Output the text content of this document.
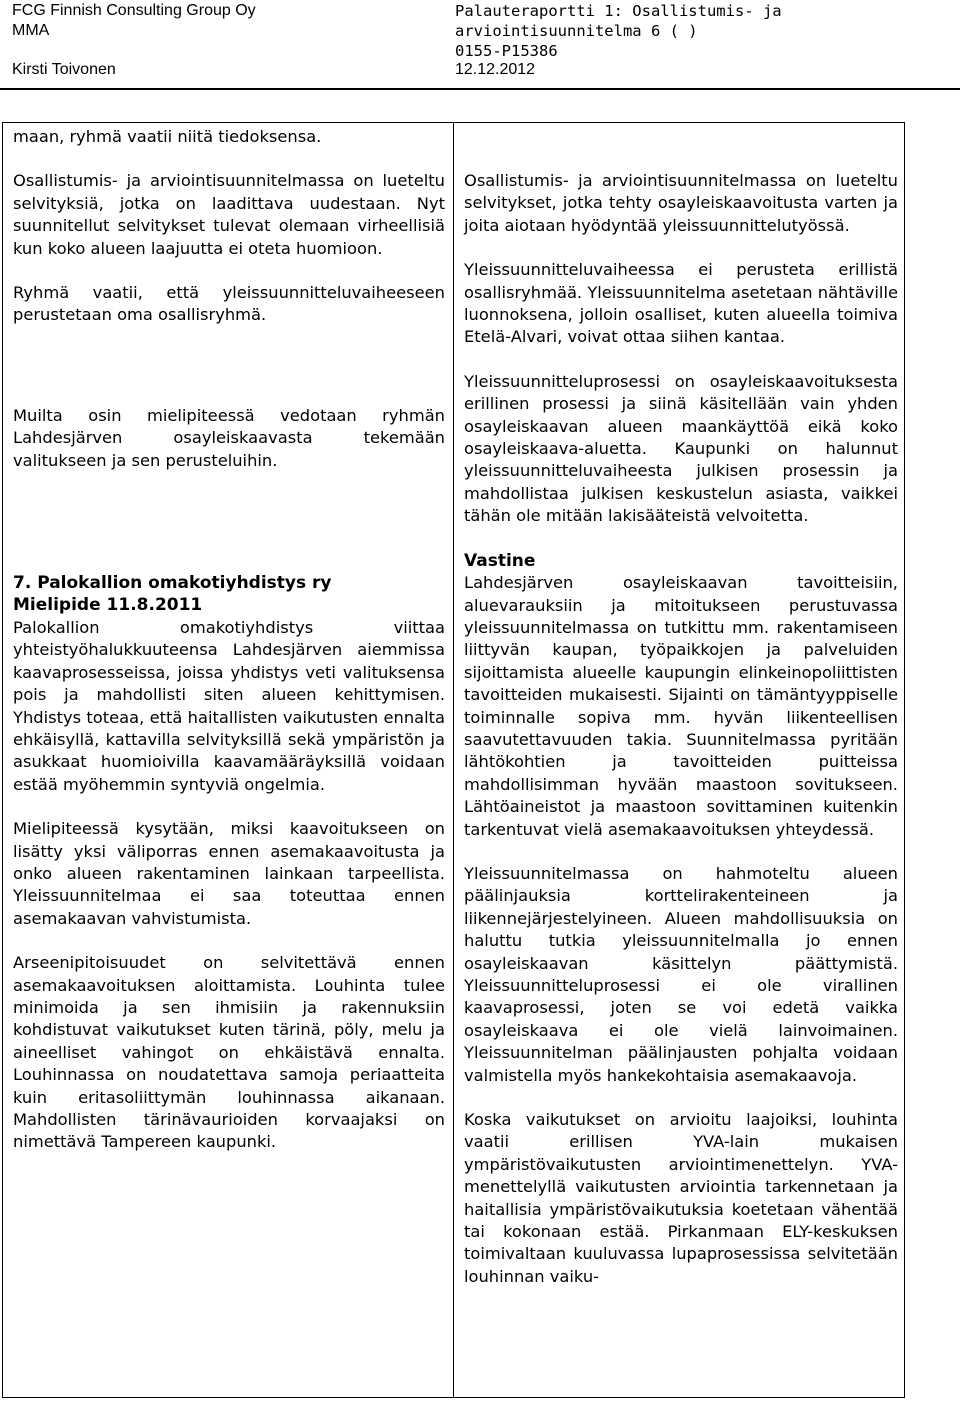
FCG Finnish Consulting Group Oy
MMA
Palauteraportti 1: Osallistumis- ja arviointisuunnitelma 6 ( )
0155-P15386
Kirsti Toivonen	12.12.2012

maan, ryhmä vaatii niitä tiedoksensa.

Osallistumis- ja arviointisuunnitelmassa on lueteltu selvityksiä, jotka on laadittava uudestaan. Nyt suunnitellut selvitykset tulevat olemaan virheellisiä kun koko alueen laajuutta ei oteta huomioon.

Ryhmä vaatii, että yleissuunnitteluvaiheeseen perustetaan oma osallisryhmä.

Muilta osin mielipiteessä vedotaan ryhmän Lahdesjärven osayleiskaavasta tekemään valitukseen ja sen perusteluihin.

7. Palokallion omakotiyhdistys ry

Mielipide 11.8.2011

Palokallion omakotiyhdistys viittaa yhteistyöhalukkuuteensa Lahdesjärven aiemmissa kaavaprosesseissa, joissa yhdistys veti valituksensa pois ja mahdollisti siten alueen kehittymisen. Yhdistys toteaa, että haitallisten vaikutusten ennalta ehkäisyllä, kattavilla selvityksillä sekä ympäristön ja asukkaat huomioivilla kaavamääräyksillä voidaan estää myöhemmin syntyviä ongelmia.

Mielipiteessä kysytään, miksi kaavoitukseen on lisätty yksi väliporras ennen asemakaavoitusta ja onko alueen rakentaminen lainkaan tarpeellista. Yleissuunnitelmaa ei saa toteuttaa ennen asemakaavan vahvistumista.

Arseenipitoisuudet on selvitettävä ennen asemakaavoituksen aloittamista. Louhinta tulee minimoida ja sen ihmisiin ja rakennuksiin kohdistuvat vaikutukset kuten tärinä, pöly, melu ja aineelliset vahingot on ehkäistävä ennalta. Louhinnassa on noudatettava samoja periaatteita kuin eritasoliittymän louhinnassa aikanaan. Mahdollisten tärinävaurioiden korvaajaksi on nimettävä Tampereen kaupunki.

Osallistumis- ja arviointisuunnitelmassa on lueteltu selvitykset, jotka tehty osayleiskaavoitusta varten ja joita aiotaan hyödyntää yleissuunnittelutyössä.

Yleissuunnitteluvaiheessa ei perusteta erillistä osallisryhmää. Yleissuunnitelma asetetaan nähtäville luonnoksena, jolloin osalliset, kuten alueella toimiva Etelä-Alvari, voivat ottaa siihen kantaa.

Yleissuunnitteluprosessi on osayleiskaavoituksesta erillinen prosessi ja siinä käsitellään vain yhden osayleiskaavan alueen maankäyttöä eikä koko osayleiskaava-aluetta. Kaupunki on halunnut yleissuunnitteluvaiheesta julkisen prosessin ja mahdollistaa julkisen keskustelun asiasta, vaikkei tähän ole mitään lakisääteistä velvoitetta.

Vastine

Lahdesjärven osayleiskaavan tavoitteisiin, aluevarauksiin ja mitoitukseen perustuvassa yleissuunnitelmassa on tutkittu mm. rakentamiseen liittyvän kaupan, työpaikkojen ja palveluiden sijoittamista alueelle kaupungin elinkeinopoliittisten tavoitteiden mukaisesti. Sijainti on tämäntyyppiselle toiminnalle sopiva mm. hyvän liikenteellisen saavutettavuuden takia. Suunnitelmassa pyritään lähtökohtien ja tavoitteiden puitteissa mahdollisimman hyvään maastoon sovitukseen. Lähtöaineistot ja maastoon sovittaminen kuitenkin tarkentuvat vielä asemakaavoituksen yhteydessä.

Yleissuunnitelmassa on hahmoteltu alueen päälinjauksia korttelirakenteineen ja liikennejärjestelyineen. Alueen mahdollisuuksia on haluttu tutkia yleissuunnitelmalla jo ennen osayleiskaavan käsittelyn päättymistä. Yleissuunnitteluprosessi ei ole virallinen kaavaprosessi, joten se voi edetä vaikka osayleiskaava ei ole vielä lainvoimainen. Yleissuunnitelman päälinjausten pohjalta voidaan valmistella myös hankekohtaisia asemakaavoja.

Koska vaikutukset on arvioitu laajoiksi, louhinta vaatii erillisen YVA-lain mukaisen ympäristövaikutusten arviointimenettelyn. YVA-menettelyllä vaikutusten arviointia tarkennetaan ja haitallisia ympäristövaikutuksia koetetaan vähentää tai kokonaan estää. Pirkanmaan ELY-keskuksen toimivaltaan kuuluvassa lupaprosessissa selvitetään louhinnan vaiku-
